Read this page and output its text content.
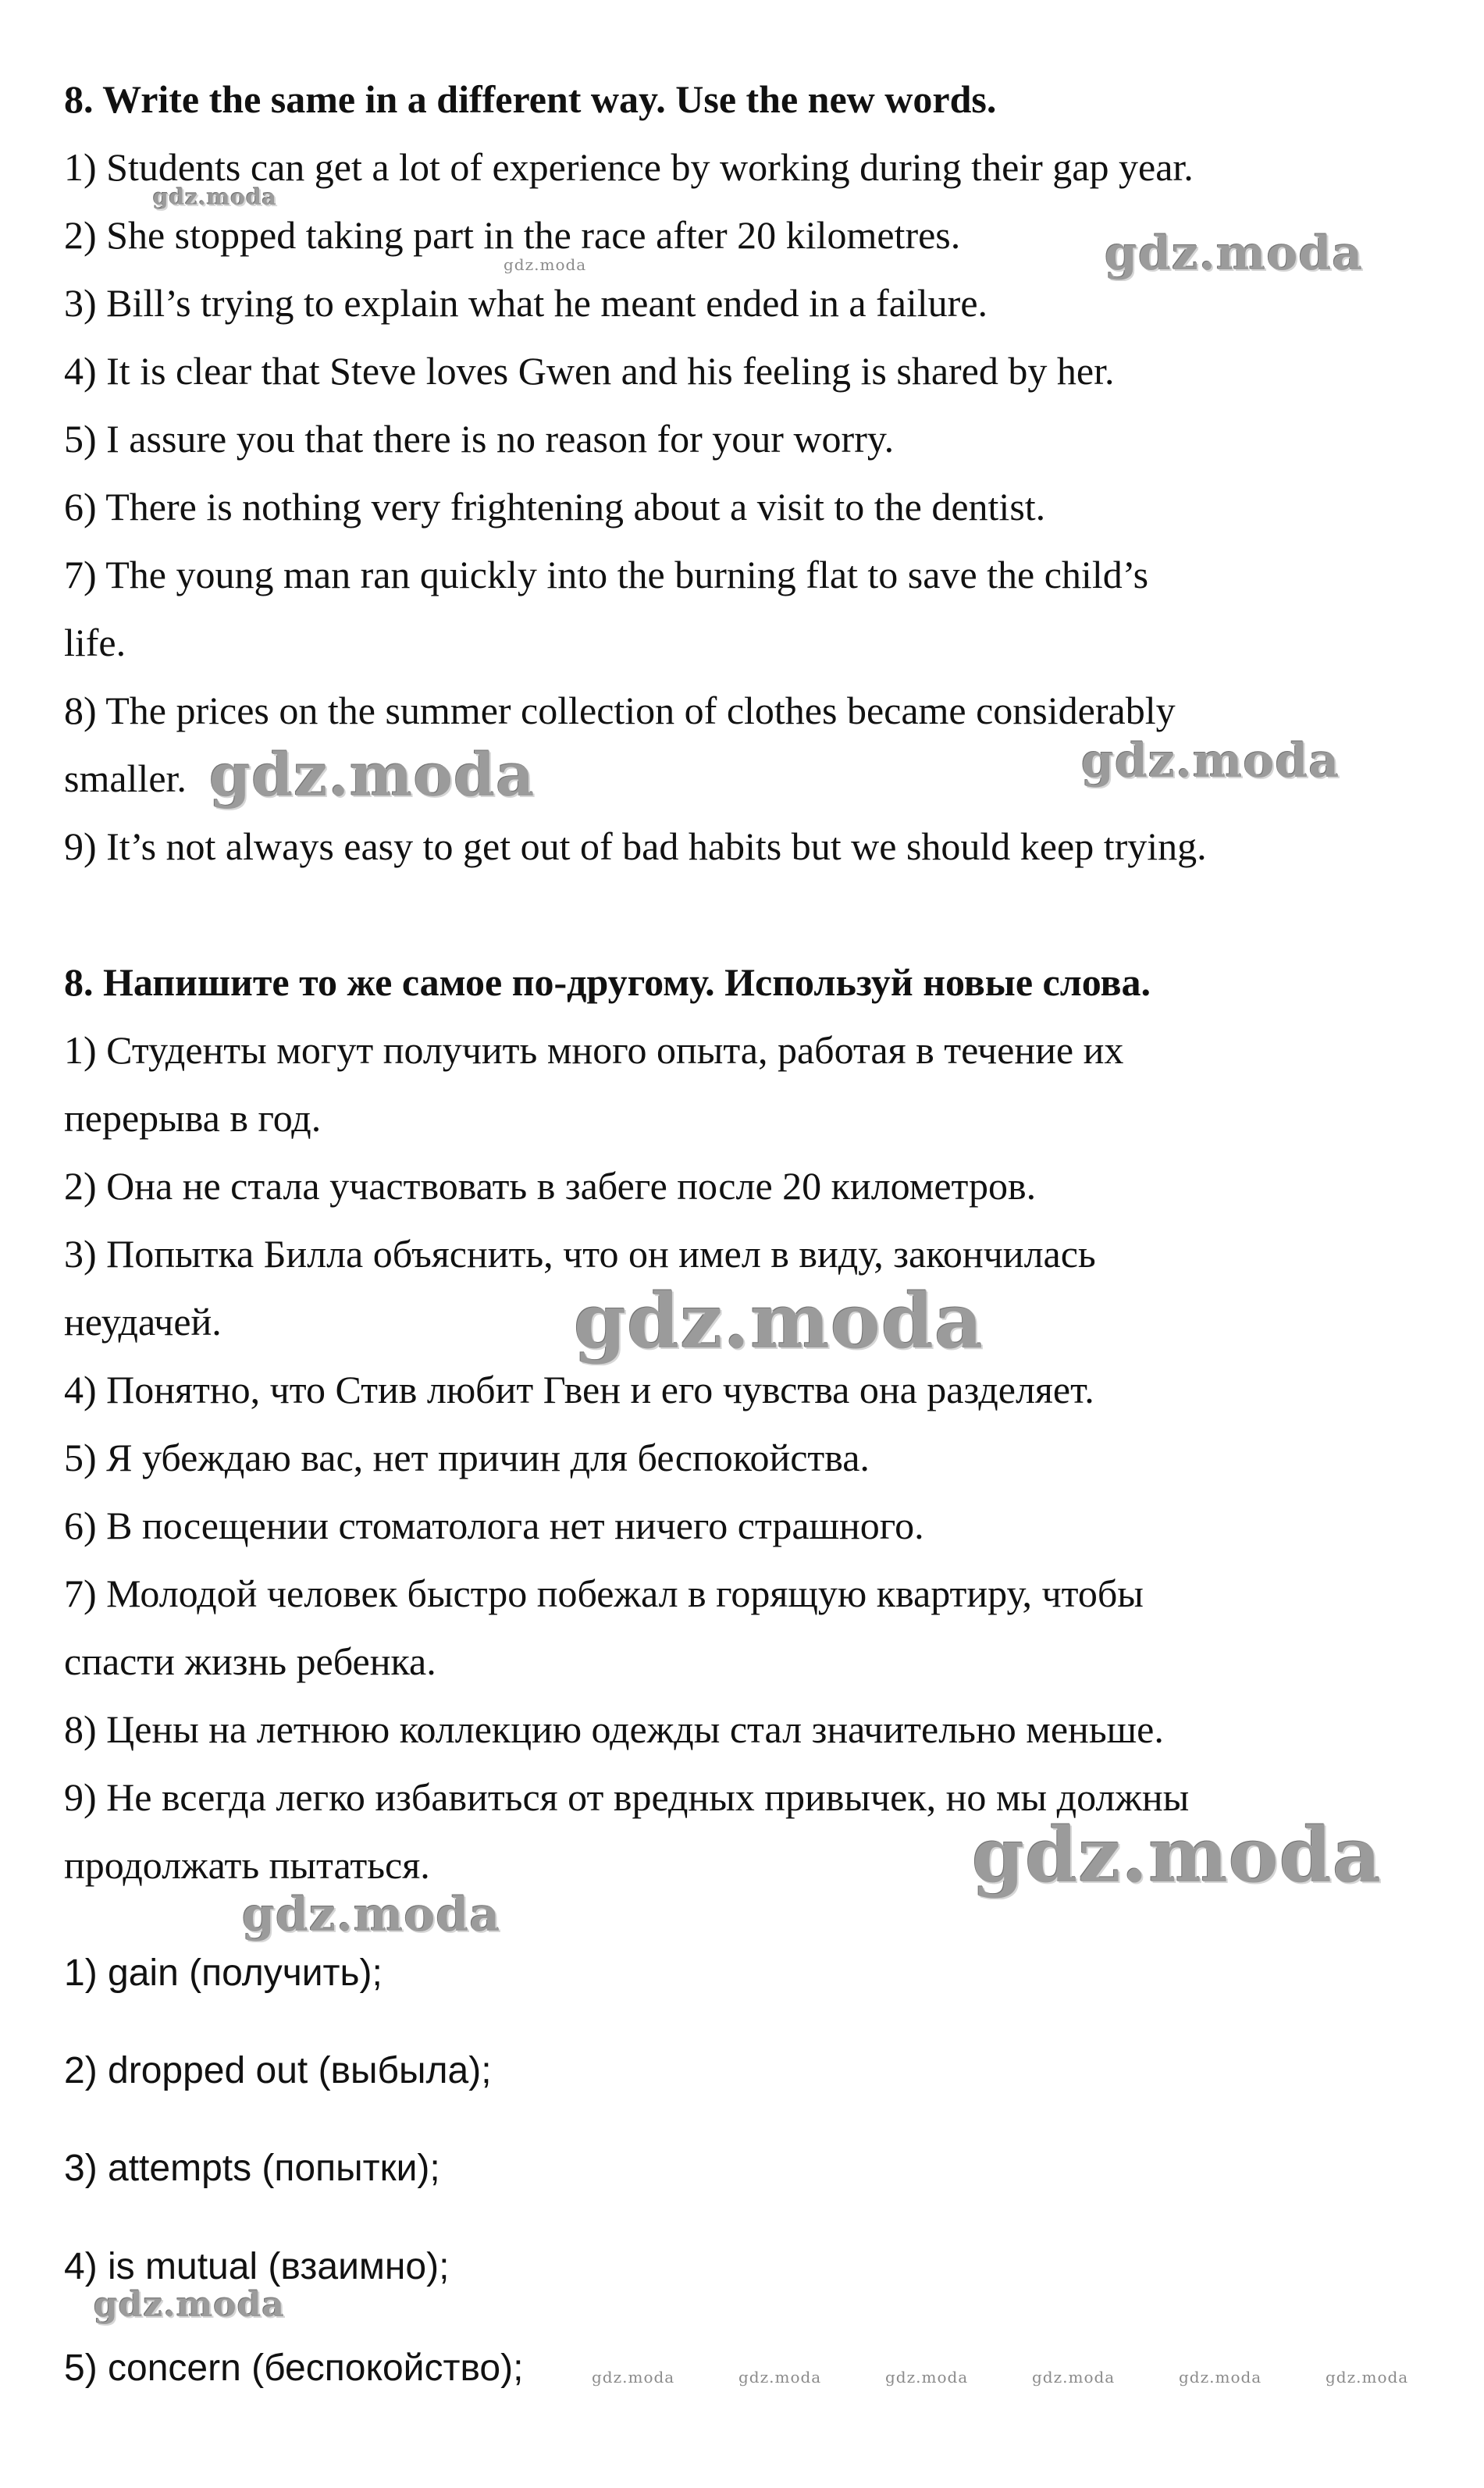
8. Write the same in a different way. Use the new words.
1) Students can get a lot of experience by working during their gap year.
2) She stopped taking part in the race after 20 kilometres.
3) Bill’s trying to explain what he meant ended in a failure.
4) It is clear that Steve loves Gwen and his feeling is shared by her.
5) I assure you that there is no reason for your worry.
6) There is nothing very frightening about a visit to the dentist.
7) The young man ran quickly into the burning flat to save the child’s
life.
8) The prices on the summer collection of clothes became considerably
smaller.
9) It’s not always easy to get out of bad habits but we should keep trying.
8. Напишите то же самое по-другому. Используй новые слова.
1) Студенты могут получить много опыта, работая в течение их
перерыва в год.
2) Она не стала участвовать в забеге после 20 километров.
3) Попытка Билла объяснить, что он имел в виду, закончилась
неудачей.
4) Понятно, что Стив любит Гвен и его чувства она разделяет.
5) Я убеждаю вас, нет причин для беспокойства.
6) В посещении стоматолога нет ничего страшного.
7) Молодой человек быстро побежал в горящую квартиру, чтобы
спасти жизнь ребенка.
8) Цены на летнюю коллекцию одежды стал значительно меньше.
9) Не всегда легко избавиться от вредных привычек, но мы должны
продолжать пытаться.
1) gain (получить);
2) dropped out (выбыла);
3) attempts (попытки);
4) is mutual (взаимно);
5) concern (беспокойство);
gdz.moda
gdz.moda	gdz.moda
gdz.moda	gdz.moda
gdz.moda
gdz.moda
gdz.moda
gdz.moda
gdz.moda	gdz.moda	gdz.moda	gdz.moda	gdz.moda	gdz.moda
